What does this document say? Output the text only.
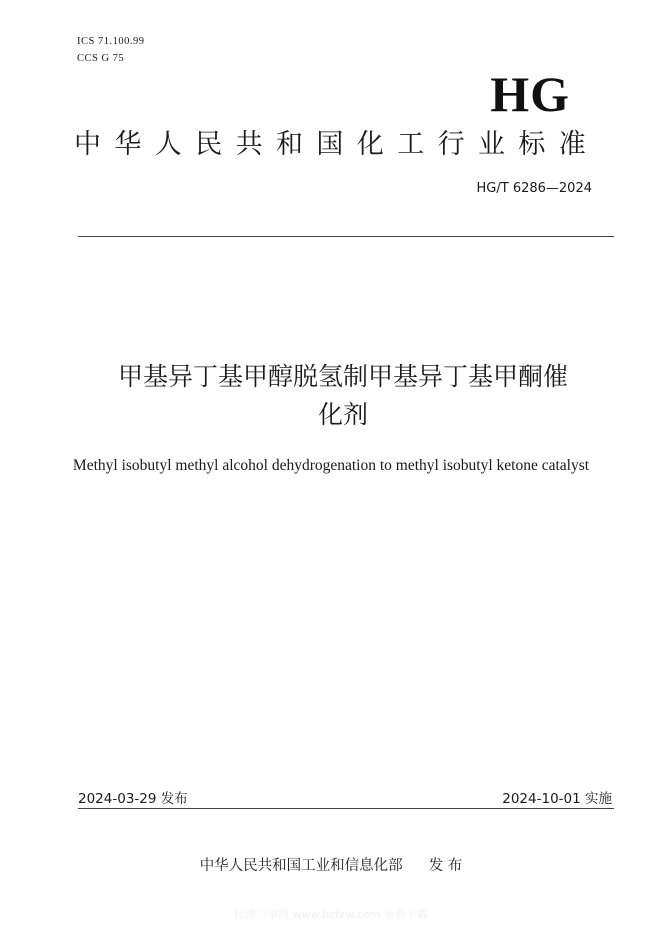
ICS 71.100.99
CCS G 75
HG
中华人民共和国化工行业标准
HG/T 6286—2024
甲基异丁基甲醇脱氢制甲基异丁基甲酮催
化剂
Methyl isobutyl methyl alcohol dehydrogenation to methyl isobutyl ketone catalyst
2024-03-29 发布	2024-10-01 实施
中华人民共和国工业和信息化部 发 布
标准分享网 www.bzfxw.com 免费下载
